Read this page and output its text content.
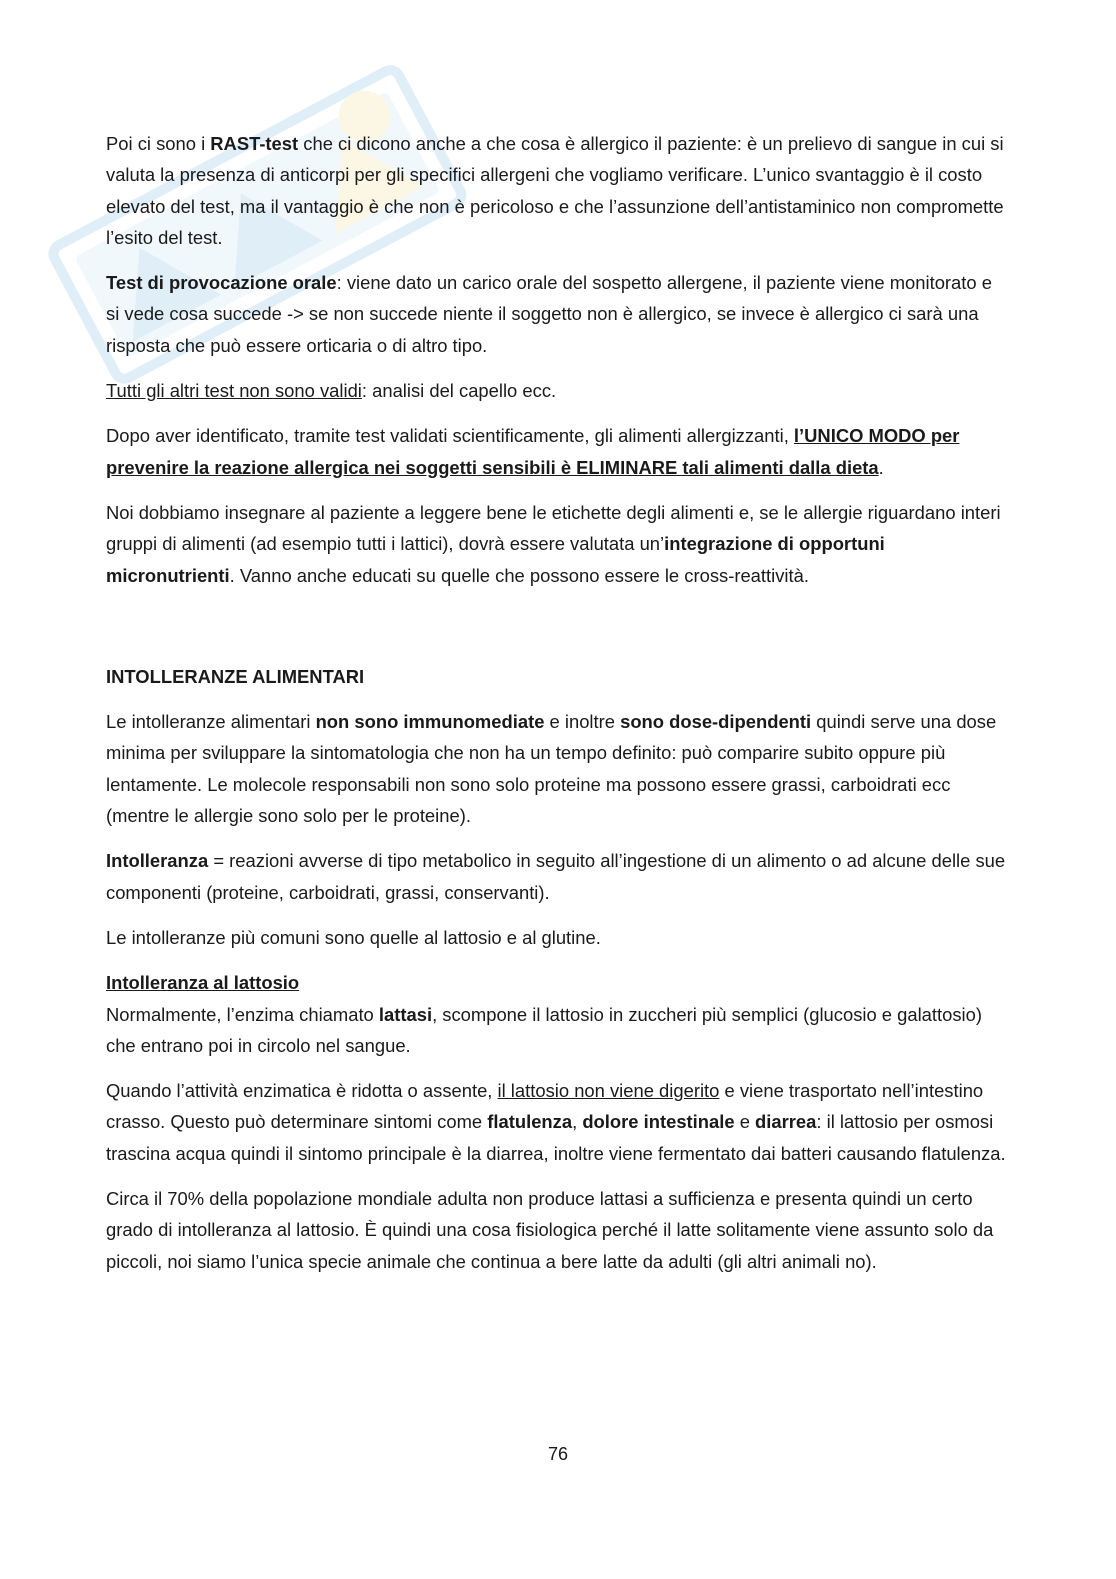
Poi ci sono i RAST-test che ci dicono anche a che cosa è allergico il paziente: è un prelievo di sangue in cui si valuta la presenza di anticorpi per gli specifici allergeni che vogliamo verificare. L’unico svantaggio è il costo elevato del test, ma il vantaggio è che non è pericoloso e che l’assunzione dell’antistaminico non compromette l’esito del test.

Test di provocazione orale: viene dato un carico orale del sospetto allergene, il paziente viene monitorato e si vede cosa succede -> se non succede niente il soggetto non è allergico, se invece è allergico ci sarà una risposta che può essere orticaria o di altro tipo.

Tutti gli altri test non sono validi: analisi del capello ecc.

Dopo aver identificato, tramite test validati scientificamente, gli alimenti allergizzanti, l’UNICO MODO per prevenire la reazione allergica nei soggetti sensibili è ELIMINARE tali alimenti dalla dieta.

Noi dobbiamo insegnare al paziente a leggere bene le etichette degli alimenti e, se le allergie riguardano interi gruppi di alimenti (ad esempio tutti i lattici), dovrà essere valutata un’integrazione di opportuni micronutrienti. Vanno anche educati su quelle che possono essere le cross-reattività.

INTOLLERANZE ALIMENTARI

Le intolleranze alimentari non sono immunomediate e inoltre sono dose-dipendenti quindi serve una dose minima per sviluppare la sintomatologia che non ha un tempo definito: può comparire subito oppure più lentamente. Le molecole responsabili non sono solo proteine ma possono essere grassi, carboidrati ecc (mentre le allergie sono solo per le proteine).

Intolleranza = reazioni avverse di tipo metabolico in seguito all’ingestione di un alimento o ad alcune delle sue componenti (proteine, carboidrati, grassi, conservanti).

Le intolleranze più comuni sono quelle al lattosio e al glutine.

Intolleranza al lattosio

Normalmente, l’enzima chiamato lattasi, scompone il lattosio in zuccheri più semplici (glucosio e galattosio) che entrano poi in circolo nel sangue.

Quando l’attività enzimatica è ridotta o assente, il lattosio non viene digerito e viene trasportato nell’intestino crasso. Questo può determinare sintomi come flatulenza, dolore intestinale e diarrea: il lattosio per osmosi trascina acqua quindi il sintomo principale è la diarrea, inoltre viene fermentato dai batteri causando flatulenza.

Circa il 70% della popolazione mondiale adulta non produce lattasi a sufficienza e presenta quindi un certo grado di intolleranza al lattosio. È quindi una cosa fisiologica perché il latte solitamente viene assunto solo da piccoli, noi siamo l’unica specie animale che continua a bere latte da adulti (gli altri animali no).

76
